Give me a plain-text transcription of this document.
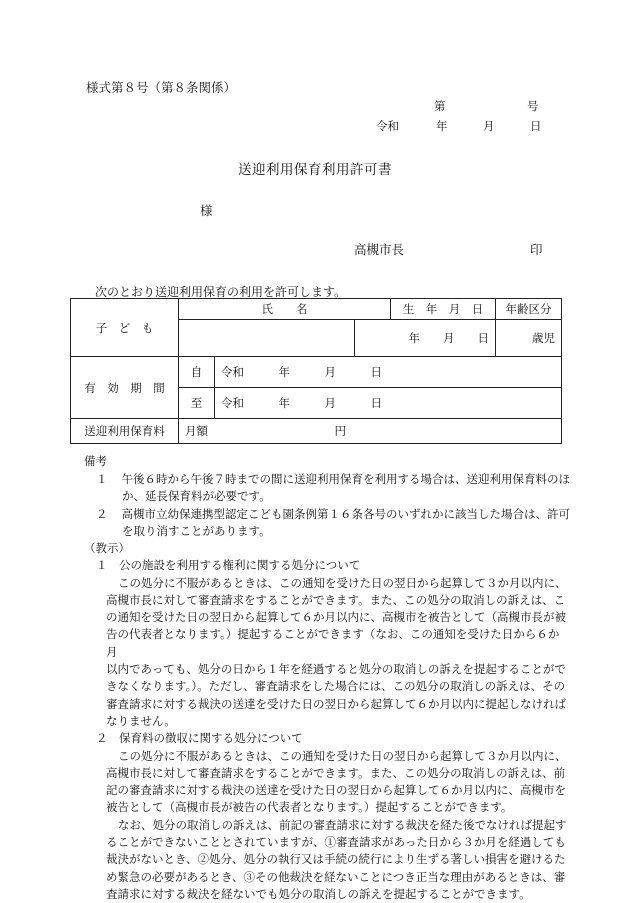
様式第８号（第８条関係）
第	号
令和	年	月	日
送迎利用保育利用許可書
様
高槻市長	印
次のとおり送迎利用保育の利用を許可します。
子　ど　も	氏　　名			生　年　月　日	年齢区分
			年　　月　　日		歳児
有　効　期　間	自	令和　　　年　　　月　　　日			
	至	令和　　　年　　　月　　　日			
送迎利用保育料	月額　　　　　　　　　　　円				
備考
１ 午後６時から午後７時までの間に送迎利用保育を利用する場合は、送迎利用保育料のほ
か、延長保育料が必要です。
２ 高槻市立幼保連携型認定こども園条例第１６条各号のいずれかに該当した場合は、許可
を取り消すことがあります。
（教示）
１　公の施設を利用する権利に関する処分について
この処分に不服があるときは、この通知を受けた日の翌日から起算して３か月以内に、
高槻市長に対して審査請求をすることができます。また、この処分の取消しの訴えは、こ
の通知を受けた日の翌日から起算して６か月以内に、高槻市を被告として（高槻市長が被
告の代表者となります。）提起することができます（なお、この通知を受けた日から６か月
以内であっても、処分の日から１年を経過すると処分の取消しの訴えを提起することがで
きなくなります。）。ただし、審査請求をした場合には、この処分の取消しの訴えは、その
審査請求に対する裁決の送達を受けた日の翌日から起算して６か月以内に提起しなければ
なりません。
２　保育料の徴収に関する処分について
この処分に不服があるときは、この通知を受けた日の翌日から起算して３か月以内に、
高槻市長に対して審査請求をすることができます。また、この処分の取消しの訴えは、前
記の審査請求に対する裁決の送達を受けた日の翌日から起算して６か月以内に、高槻市を
被告として（高槻市長が被告の代表者となります。）提起することができます。
なお、処分の取消しの訴えは、前記の審査請求に対する裁決を経た後でなければ提起す
ることができないこととされていますが、①審査請求があった日から３か月を経過しても
裁決がないとき、②処分、処分の執行又は手続の続行により生ずる著しい損害を避けるた
め緊急の必要があるとき、③その他裁決を経ないことにつき正当な理由があるときは、審
査請求に対する裁決を経ないでも処分の取消しの訴えを提起することができます。
